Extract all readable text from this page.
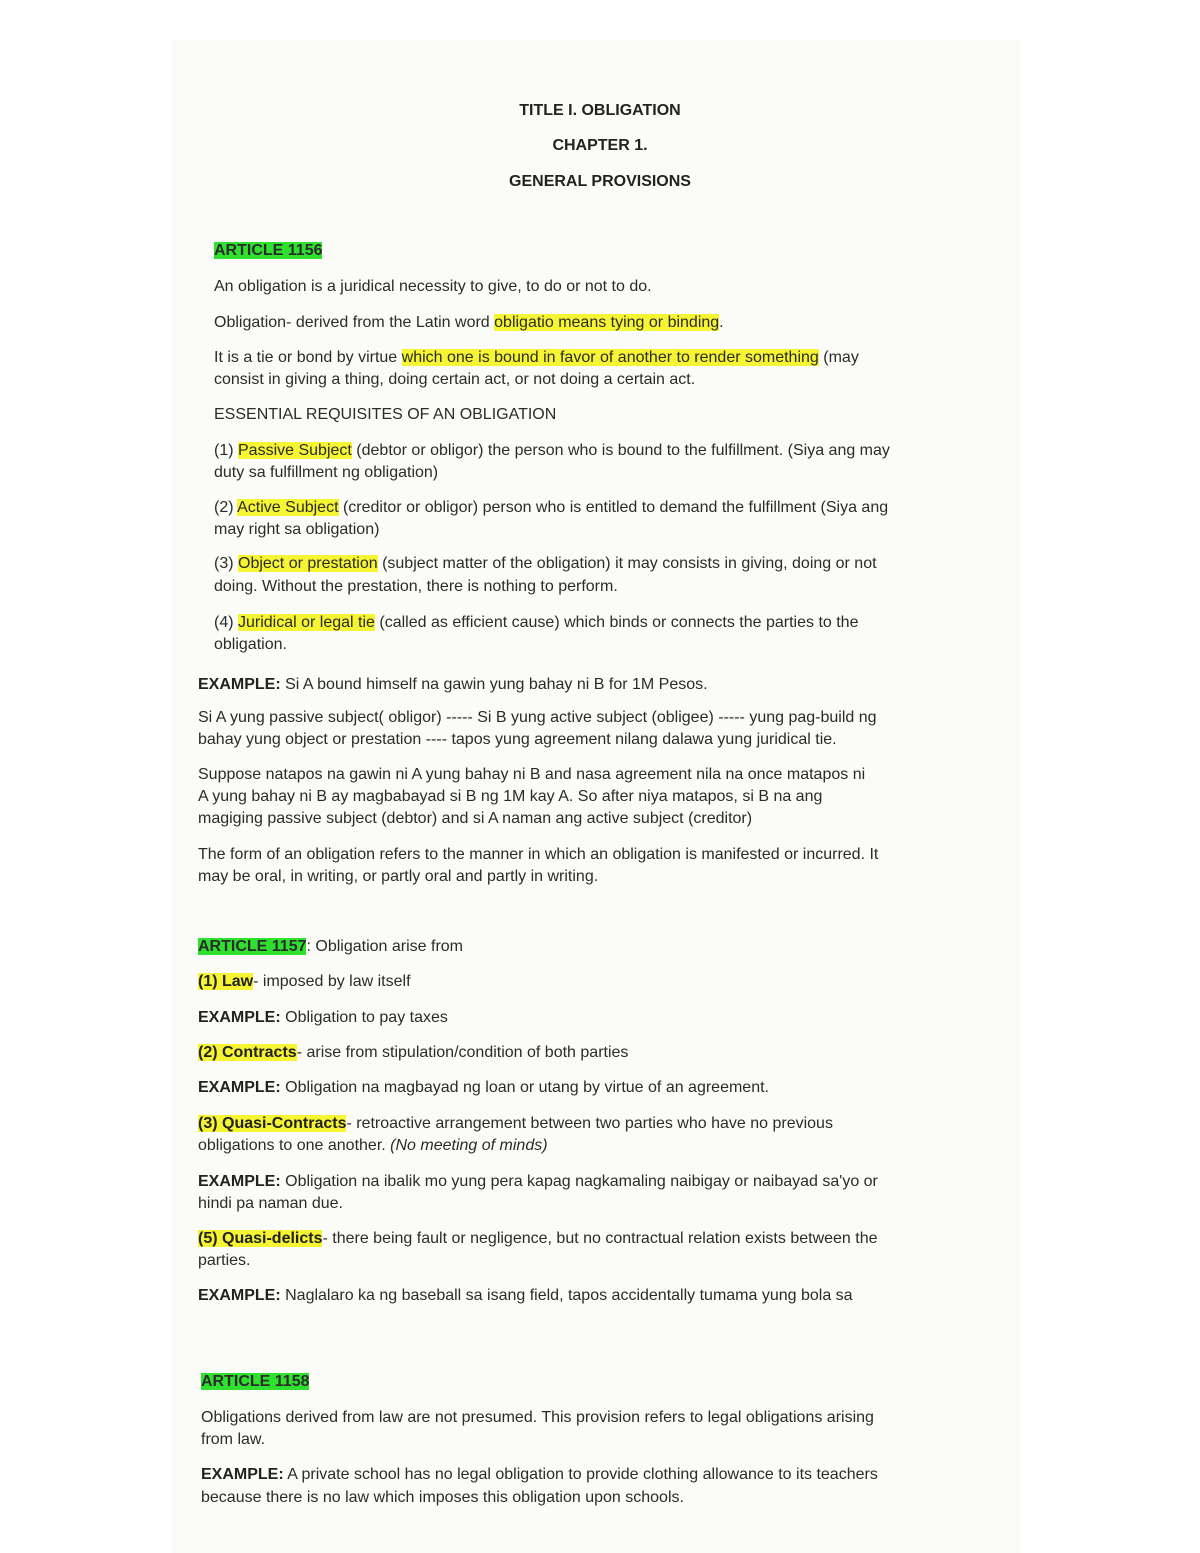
TITLE I. OBLIGATION
CHAPTER 1.
GENERAL PROVISIONS
ARTICLE 1156
An obligation is a juridical necessity to give, to do or not to do.
Obligation- derived from the Latin word obligatio means tying or binding.
It is a tie or bond by virtue which one is bound in favor of another to render something (may
consist in giving a thing, doing certain act, or not doing a certain act.
ESSENTIAL REQUISITES OF AN OBLIGATION
(1) Passive Subject (debtor or obligor) the person who is bound to the fulfillment. (Siya ang may
duty sa fulfillment ng obligation)
(2) Active Subject (creditor or obligor) person who is entitled to demand the fulfillment (Siya ang
may right sa obligation)
(3) Object or prestation (subject matter of the obligation) it may consists in giving, doing or not
doing. Without the prestation, there is nothing to perform.
(4) Juridical or legal tie (called as efficient cause) which binds or connects the parties to the
obligation.
EXAMPLE: Si A bound himself na gawin yung bahay ni B for 1M Pesos.
Si A yung passive subject( obligor) ----- Si B yung active subject (obligee) ----- yung pag-build ng
bahay yung object or prestation ---- tapos yung agreement nilang dalawa yung juridical tie.
Suppose natapos na gawin ni A yung bahay ni B and nasa agreement nila na once matapos ni
A yung bahay ni B ay magbabayad si B ng 1M kay A. So after niya matapos, si B na ang
magiging passive subject (debtor) and si A naman ang active subject (creditor)
The form of an obligation refers to the manner in which an obligation is manifested or incurred. It
may be oral, in writing, or partly oral and partly in writing.
ARTICLE 1157: Obligation arise from
(1) Law- imposed by law itself
EXAMPLE: Obligation to pay taxes
(2) Contracts- arise from stipulation/condition of both parties
EXAMPLE: Obligation na magbayad ng loan or utang by virtue of an agreement.
(3) Quasi-Contracts- retroactive arrangement between two parties who have no previous
obligations to one another. (No meeting of minds)
EXAMPLE: Obligation na ibalik mo yung pera kapag nagkamaling naibigay or naibayad sa'yo or
hindi pa naman due.
(5) Quasi-delicts- there being fault or negligence, but no contractual relation exists between the
parties.
EXAMPLE: Naglalaro ka ng baseball sa isang field, tapos accidentally tumama yung bola sa
ARTICLE 1158
Obligations derived from law are not presumed. This provision refers to legal obligations arising
from law.
EXAMPLE: A private school has no legal obligation to provide clothing allowance to its teachers
because there is no law which imposes this obligation upon schools.
